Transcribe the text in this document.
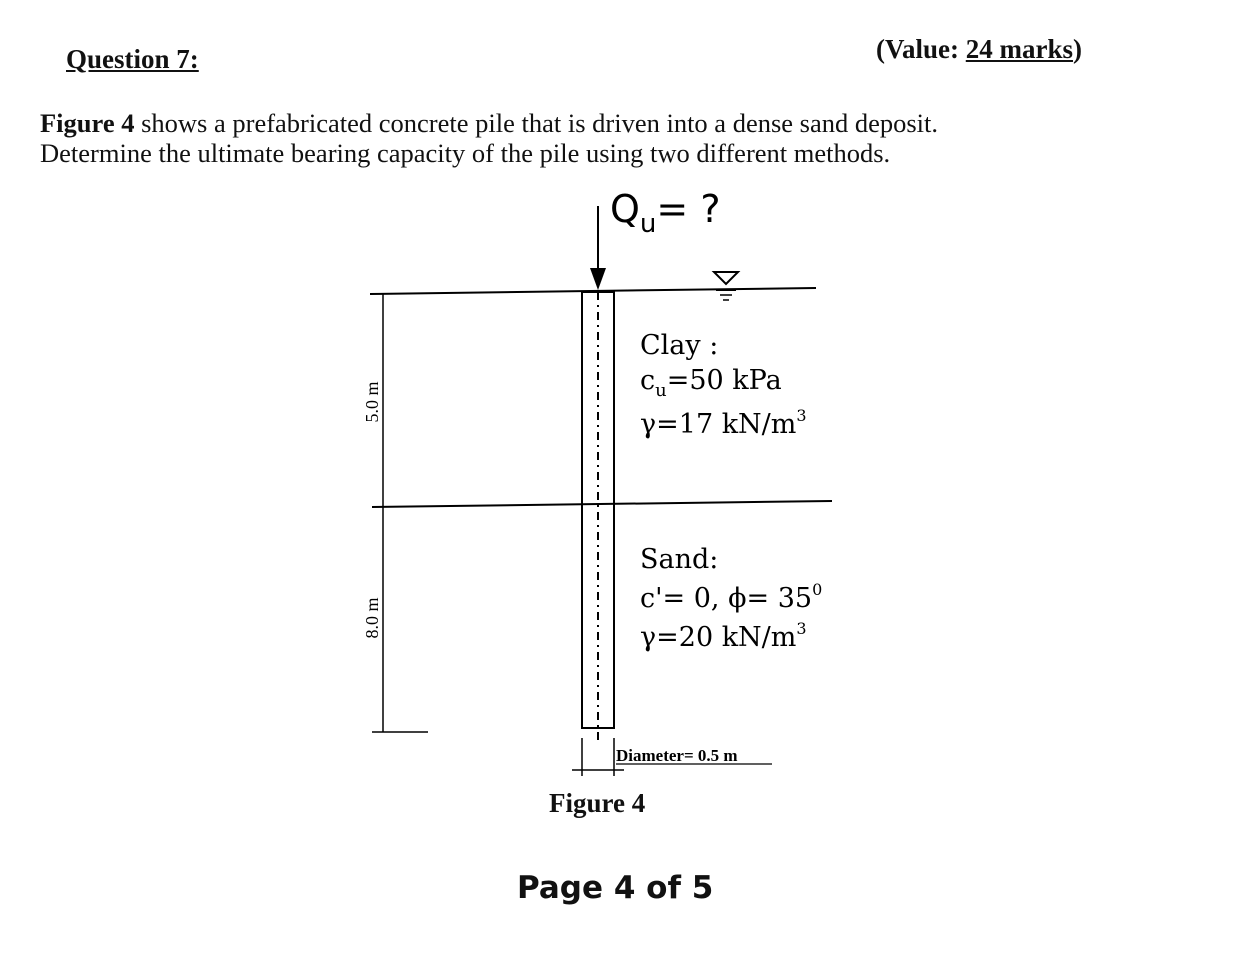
Question 7:	(Value: 24 marks)
Figure 4 shows a prefabricated concrete pile that is driven into a dense sand deposit.
Determine the ultimate bearing capacity of the pile using two different methods.
$Q_u=$ ?
5.0 m
8.0 m
Diameter= 0.5 m
Clay :
$c_u=50$ kPa
γ=17 $kN/m^3$
Sand:
c'= 0, $\phi= 35^0$
γ=20 $kN/m^3$
Figure 4
Page 4 of 5
